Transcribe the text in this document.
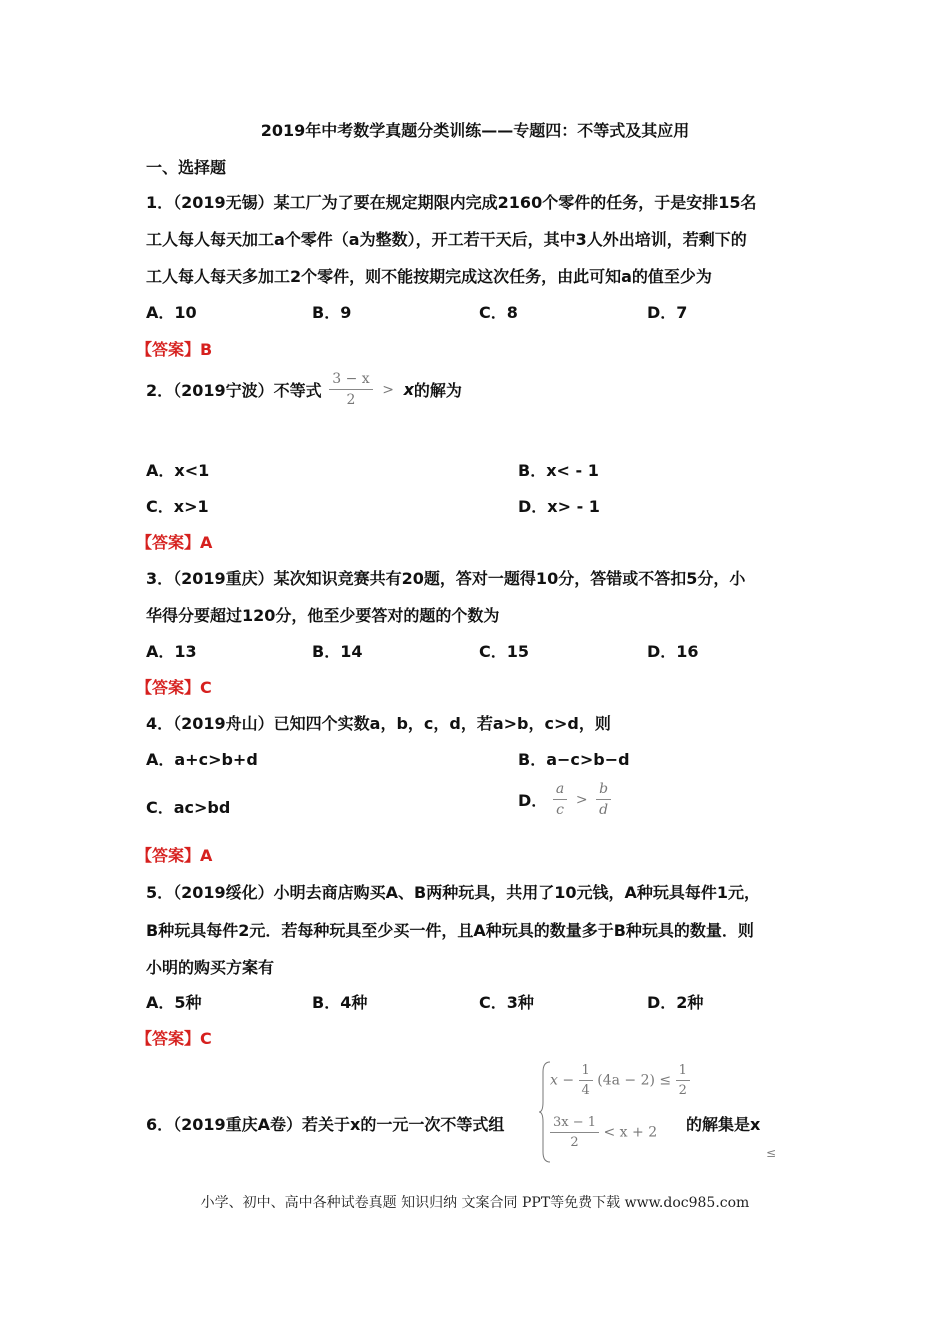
2019年中考数学真题分类训练——专题四：不等式及其应用
一、选择题
1．（2019无锡）某工厂为了要在规定期限内完成2160个零件的任务，于是安排15名
工人每人每天加工a个零件（a为整数），开工若干天后，其中3人外出培训，若剩下的
工人每人每天多加工2个零件，则不能按期完成这次任务，由此可知a的值至少为
A．10	B．9	C．8	D．7
【答案】B
2．（2019宁波）不等式 $\frac{3 - x}{2} > x$的解为
A．x<1	B．x< - 1
C．x>1	D．x> - 1
【答案】A
3．（2019重庆）某次知识竞赛共有20题，答对一题得10分，答错或不答扣5分，小
华得分要超过120分，他至少要答对的题的个数为
A．13	B．14	C．15	D．16
【答案】C
4．（2019舟山）已知四个实数a，b，c，d，若a>b，c>d，则
A．a+c>b+d	B．a−c>b−d
C．ac>bd	D． $\frac{a}{c} > \frac{b}{d}$
【答案】A
5．（2019绥化）小明去商店购买A、B两种玩具，共用了10元钱，A种玩具每件1元，
B种玩具每件2元．若每种玩具至少买一件，且A种玩具的数量多于B种玩具的数量．则
小明的购买方案有
A．5种	B．4种	C．3种	D．2种
【答案】C
6．（2019重庆A卷）若关于x的一元一次不等式组
$x - \frac{1}{4} (4a - 2) \le \frac{1}{2}$
$\frac{3x - 1}{2} < x + 2$ 的解集是x
≤
小学、初中、高中各种试卷真题 知识归纳 文案合同 PPT等免费下载 www.doc985.com
